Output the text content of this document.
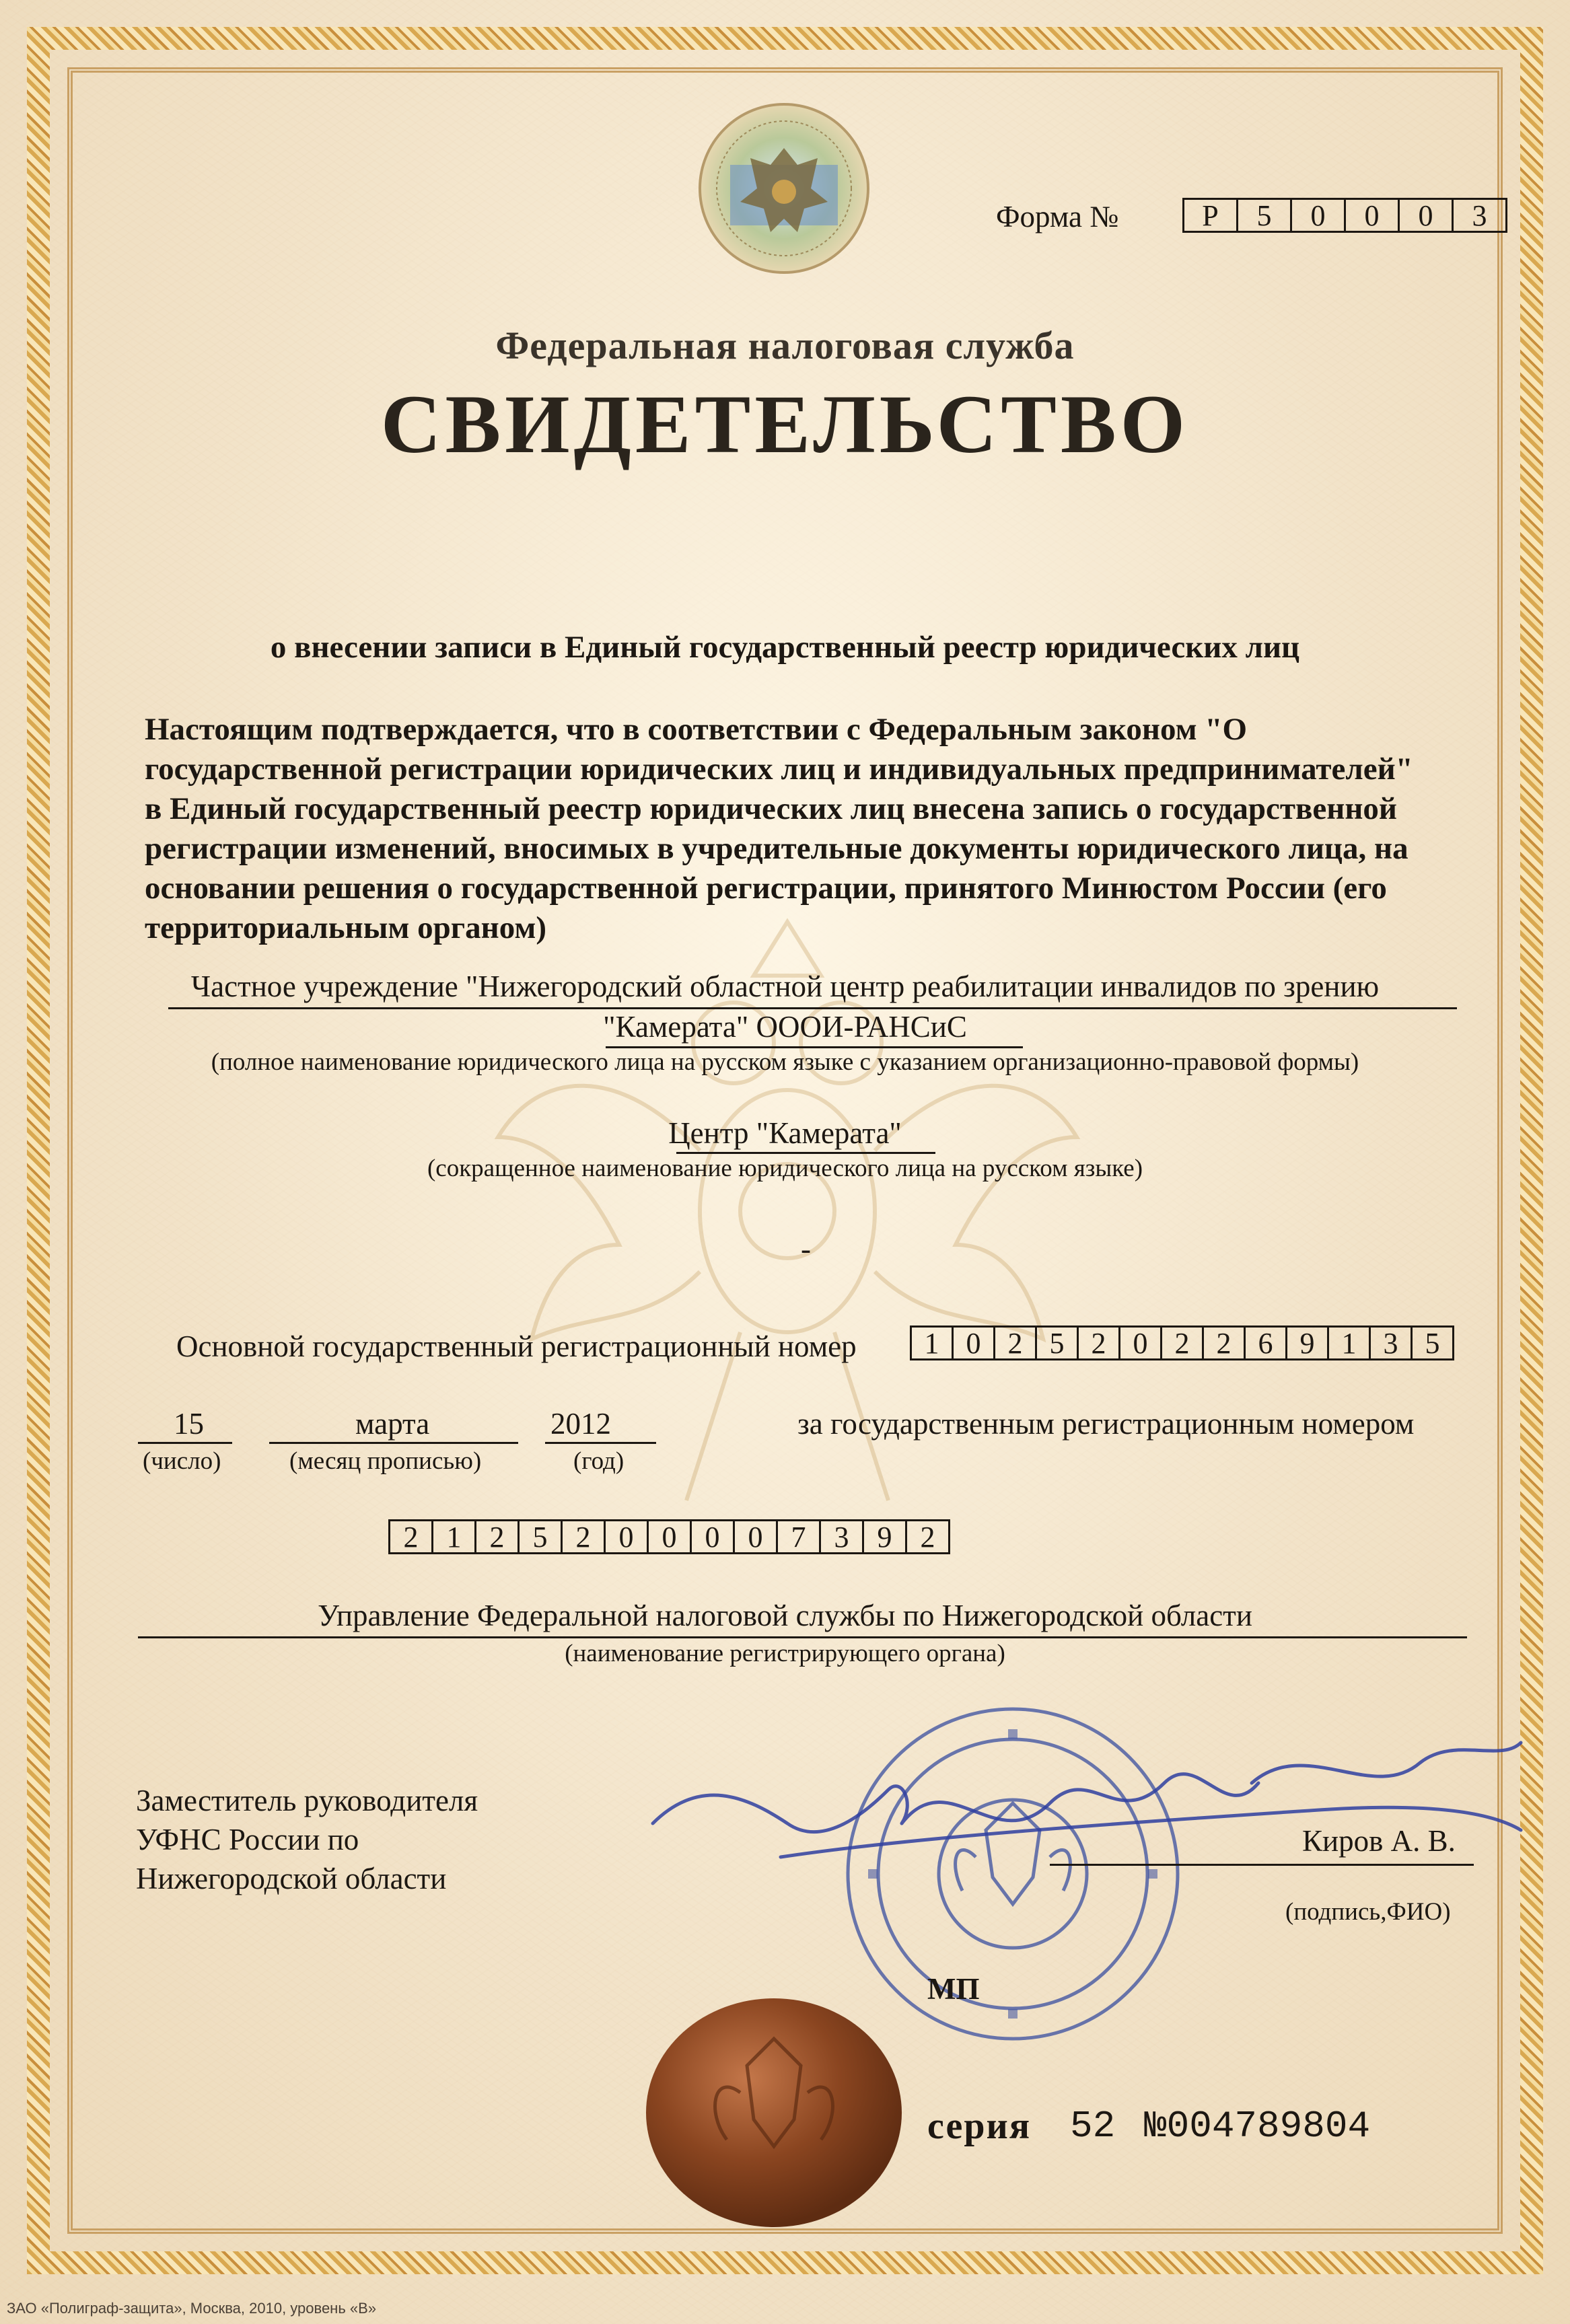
Форма №	Р	5	0	0	0	3
Федеральная налоговая служба
СВИДЕТЕЛЬСТВО
о внесении записи в Единый государственный реестр юридических лиц
Настоящим подтверждается, что в соответствии с Федеральным законом "О
государственной регистрации юридических лиц и индивидуальных предпринимателей"
в Единый государственный реестр юридических лиц внесена запись о государственной
регистрации изменений, вносимых в учредительные документы юридического лица, на
основании решения о государственной регистрации, принятого Минюстом России (его
территориальным органом)
Частное учреждение "Нижегородский областной центр реабилитации инвалидов по зрению
"Камерата" ОООИ-РАНСиС
(полное наименование юридического лица на русском языке с указанием организационно-правовой формы)
Центр "Камерата"
(сокращенное наименование юридического лица на русском языке)
-
Основной государственный регистрационный номер	1 0 2 5 2 0 2 2 6 9 1 3 5
15
(число)
марта
(месяц прописью)
2012
(год)
за государственным регистрационным номером
2 1 2 5 2 0 0 0 0 7 3 9 2
Управление Федеральной налоговой службы по Нижегородской области
(наименование регистрирующего органа)
Заместитель руководителя
УФНС России по
Нижегородской области
Киров А. В.
(подпись,ФИО)
МП
серия 52 №004789804
ЗАО «Полиграф-защита», Москва, 2010, уровень «В»
